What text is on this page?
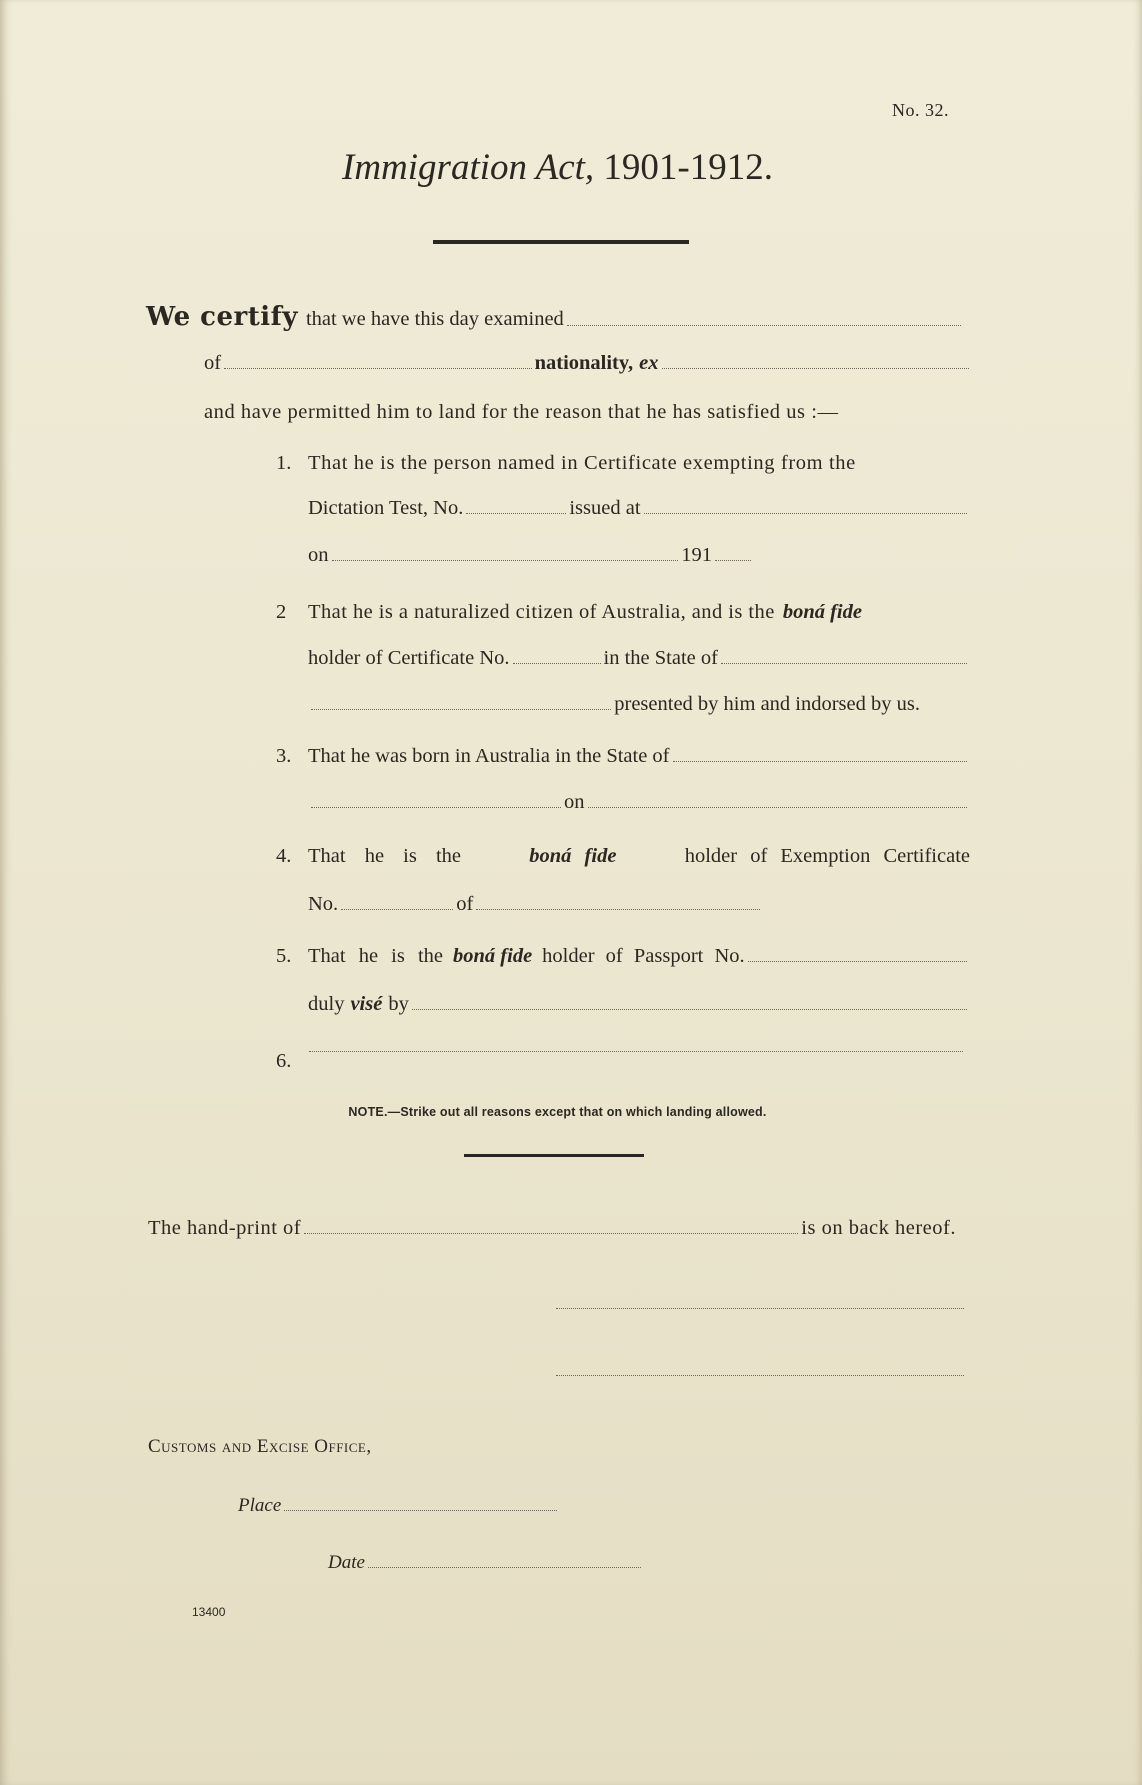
No. 32.
Immigration Act, 1901-1912.
We certify that we have this day examined
of	nationality, ex
and have permitted him to land for the reason that he has satisfied us :—
1. That he is the person named in Certificate exempting from the
Dictation Test, No.	issued at
on	191
2 That he is a naturalized citizen of Australia, and is the boná fide
holder of Certificate No.	in the State of
presented by him and indorsed by us.
3. That he was born in Australia in the State of
on
4. That he is the	boná fide	holder of Exemption Certificate
No.	of
5. That he is the boná fide holder of Passport No.
duly visé by
6.
NOTE.—Strike out all reasons except that on which landing allowed.
The hand-print of	is on back hereof.
Customs and Excise Office,
Place
Date
13400
